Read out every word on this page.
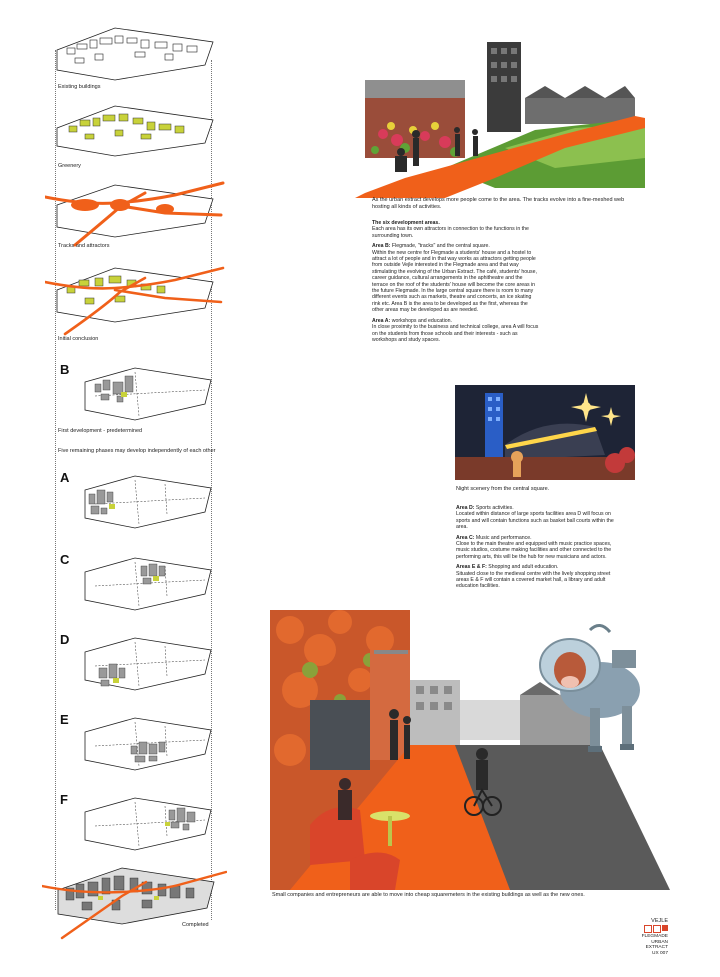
Existing buildings
Greenery
Tracks and attractors
Initial conclusion
B
First development - predetermined
Five remaining phases may develop independently of each other
A
C
D
E
F
Completed
As the urban extract develops more people come to the area. The tracks evolve into a fine-meshed web hosting all kinds of activities.

The six development areas.
Each area has its own attractors in connection to the functions in the surrounding town.

Area B: Flegmade, "tracks" and the central square.
Within the new centre for Flegmade a students' house and a hostel to attract a lot of people and in that way works as attractors getting people from outside Vejle interested in the Flegmade area and that way stimulating the evolving of the Urban Extract. The café, students' house, career guidance, cultural arrangements in the aphitheatre and the terrace on the roof of the students' house will become the core areas in the future Flegmade. In the large central square there is room to many different events such as markets, theatre and concerts, an ice skating rink etc. Area B is the area to be developed as the first, whereas the other areas may be developed as are needed.

Area A: workshops and education.
In close proximity to the business and technical college, area A will focus on the students from those schools and their interests - such as workshops and study spaces.

Night scenery from the central square.

Area D: Sports activities.
Located within distance of large sports facilities area D will focus on sports and will contain functions such as basket ball courts within the area.

Area C: Music and performance.
Close to the main theatre and equipped with music practice spaces, music studios, costume making facilities and other connected to the performing arts, this will be the hub for new musicians and actors.

Areas E & F: Shopping and adult education.
Situated close to the medieval centre with the lively shopping street areas E & F will contain a covered market hall, a library and adult education facilities.

Small companies and entrepreneurs are able to move into cheap squaremeters in the existing buildings as well as the new ones.
VEJLE
FLEGMADE
URBAN EXTRACT
UX 007
